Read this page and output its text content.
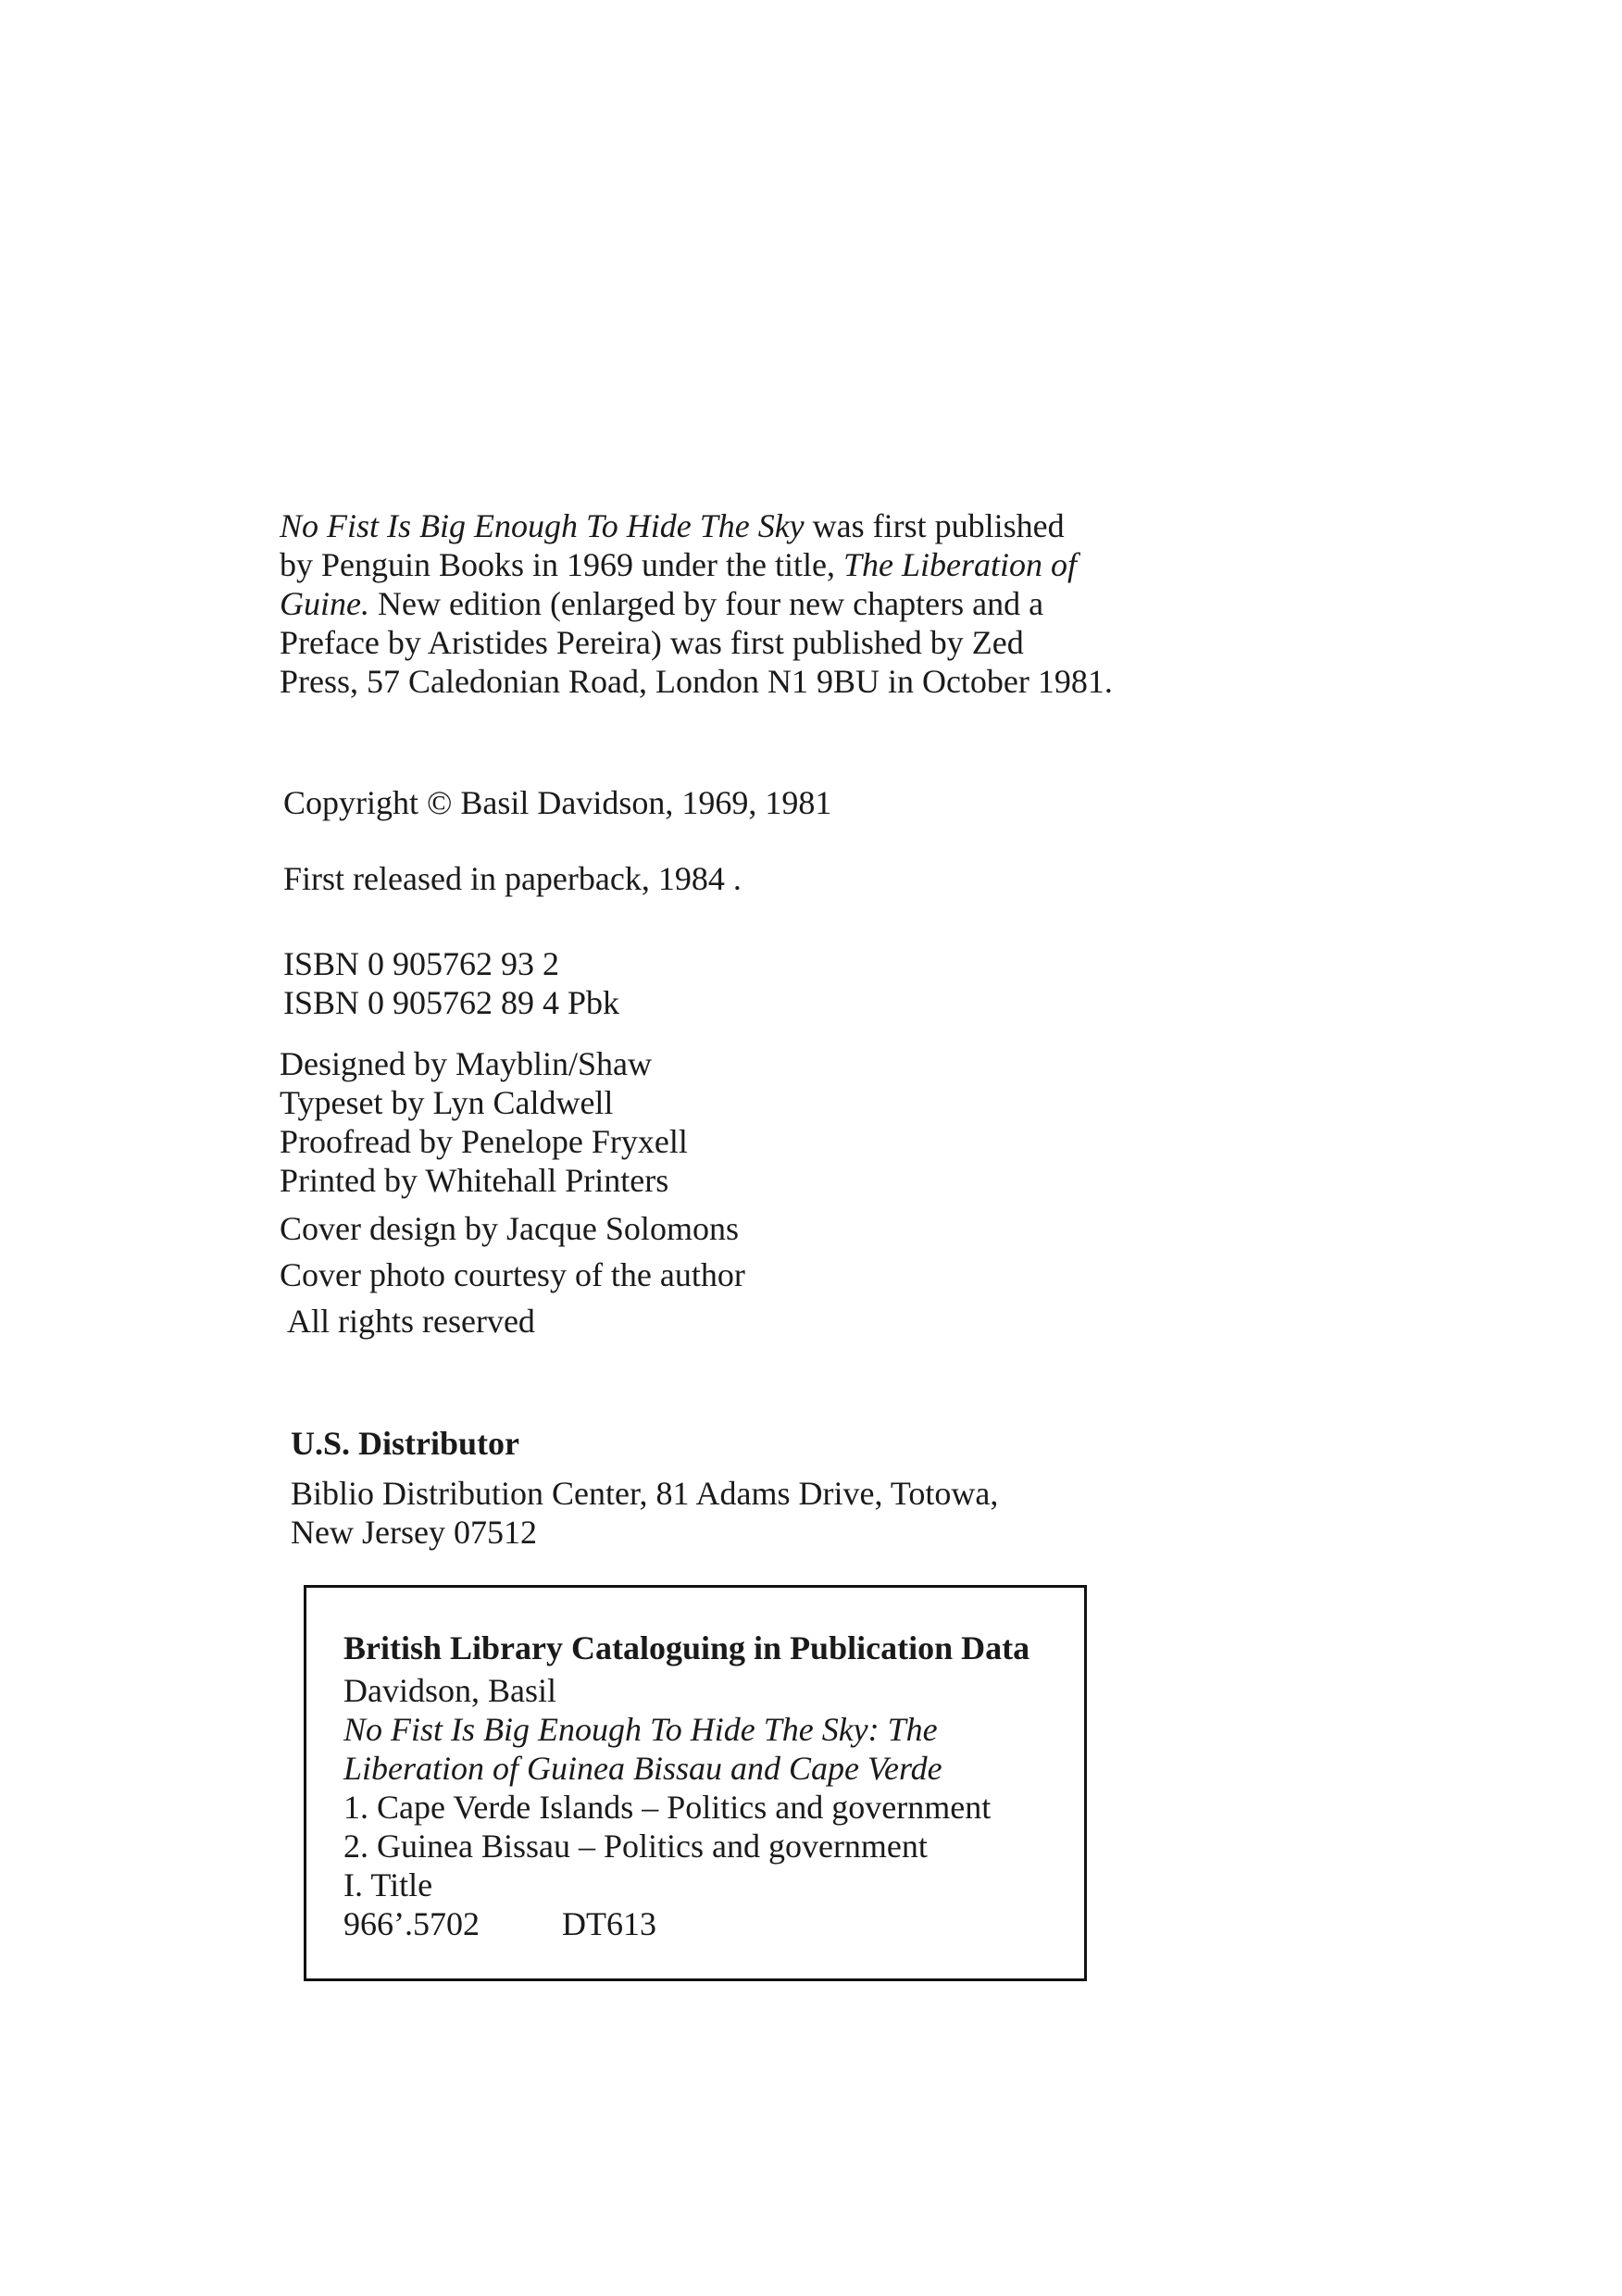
No Fist Is Big Enough To Hide The Sky was first published
by Penguin Books in 1969 under the title, The Liberation of
Guine. New edition (enlarged by four new chapters and a
Preface by Aristides Pereira) was first published by Zed
Press, 57 Caledonian Road, London N1 9BU in October 1981.
Copyright © Basil Davidson, 1969, 1981
First released in paperback, 1984 .
ISBN 0 905762 93 2
ISBN 0 905762 89 4 Pbk
Designed by Mayblin/Shaw
Typeset by Lyn Caldwell
Proofread by Penelope Fryxell
Printed by Whitehall Printers
Cover design by Jacque Solomons
Cover photo courtesy of the author
All rights reserved
U.S. Distributor
Biblio Distribution Center, 81 Adams Drive, Totowa,
New Jersey 07512
British Library Cataloguing in Publication Data
Davidson, Basil
No Fist Is Big Enough To Hide The Sky: The
Liberation of Guinea Bissau and Cape Verde
1. Cape Verde Islands – Politics and government
2. Guinea Bissau – Politics and government
I. Title
966’.5702 DT613
